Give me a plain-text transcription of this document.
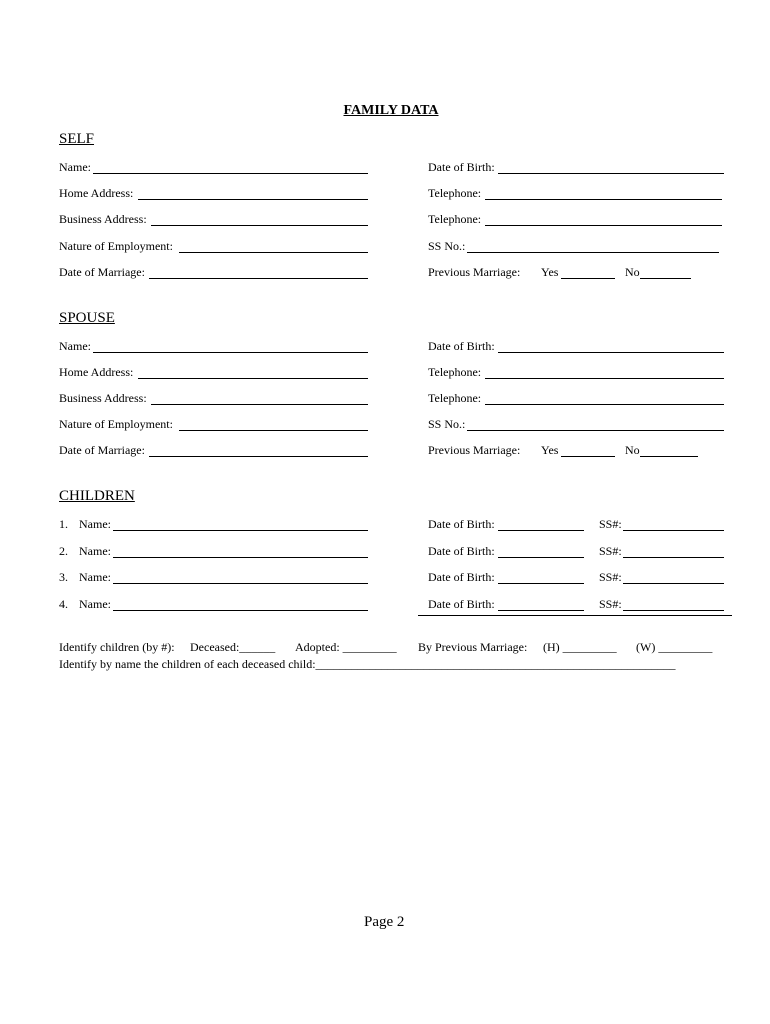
FAMILY DATA
SELF
Name:	Date of Birth:
Home Address:	Telephone:
Business Address:	Telephone:
Nature of Employment:	SS No.:
Date of Marriage:	Previous Marriage: Yes	No
SPOUSE
Name:	Date of Birth:
Home Address:	Telephone:
Business Address:	Telephone:
Nature of Employment:	SS No.:
Date of Marriage:	Previous Marriage: Yes	No
CHILDREN
1. Name:	Date of Birth:	SS#:
2. Name:	Date of Birth:	SS#:
3. Name:	Date of Birth:	SS#:
4. Name:	Date of Birth:	SS#:
Identify children (by #): Deceased:______ Adopted: _________ By Previous Marriage: (H) _________ (W) _________
Identify by name the children of each deceased child:____________________________________________________________
Page 2
